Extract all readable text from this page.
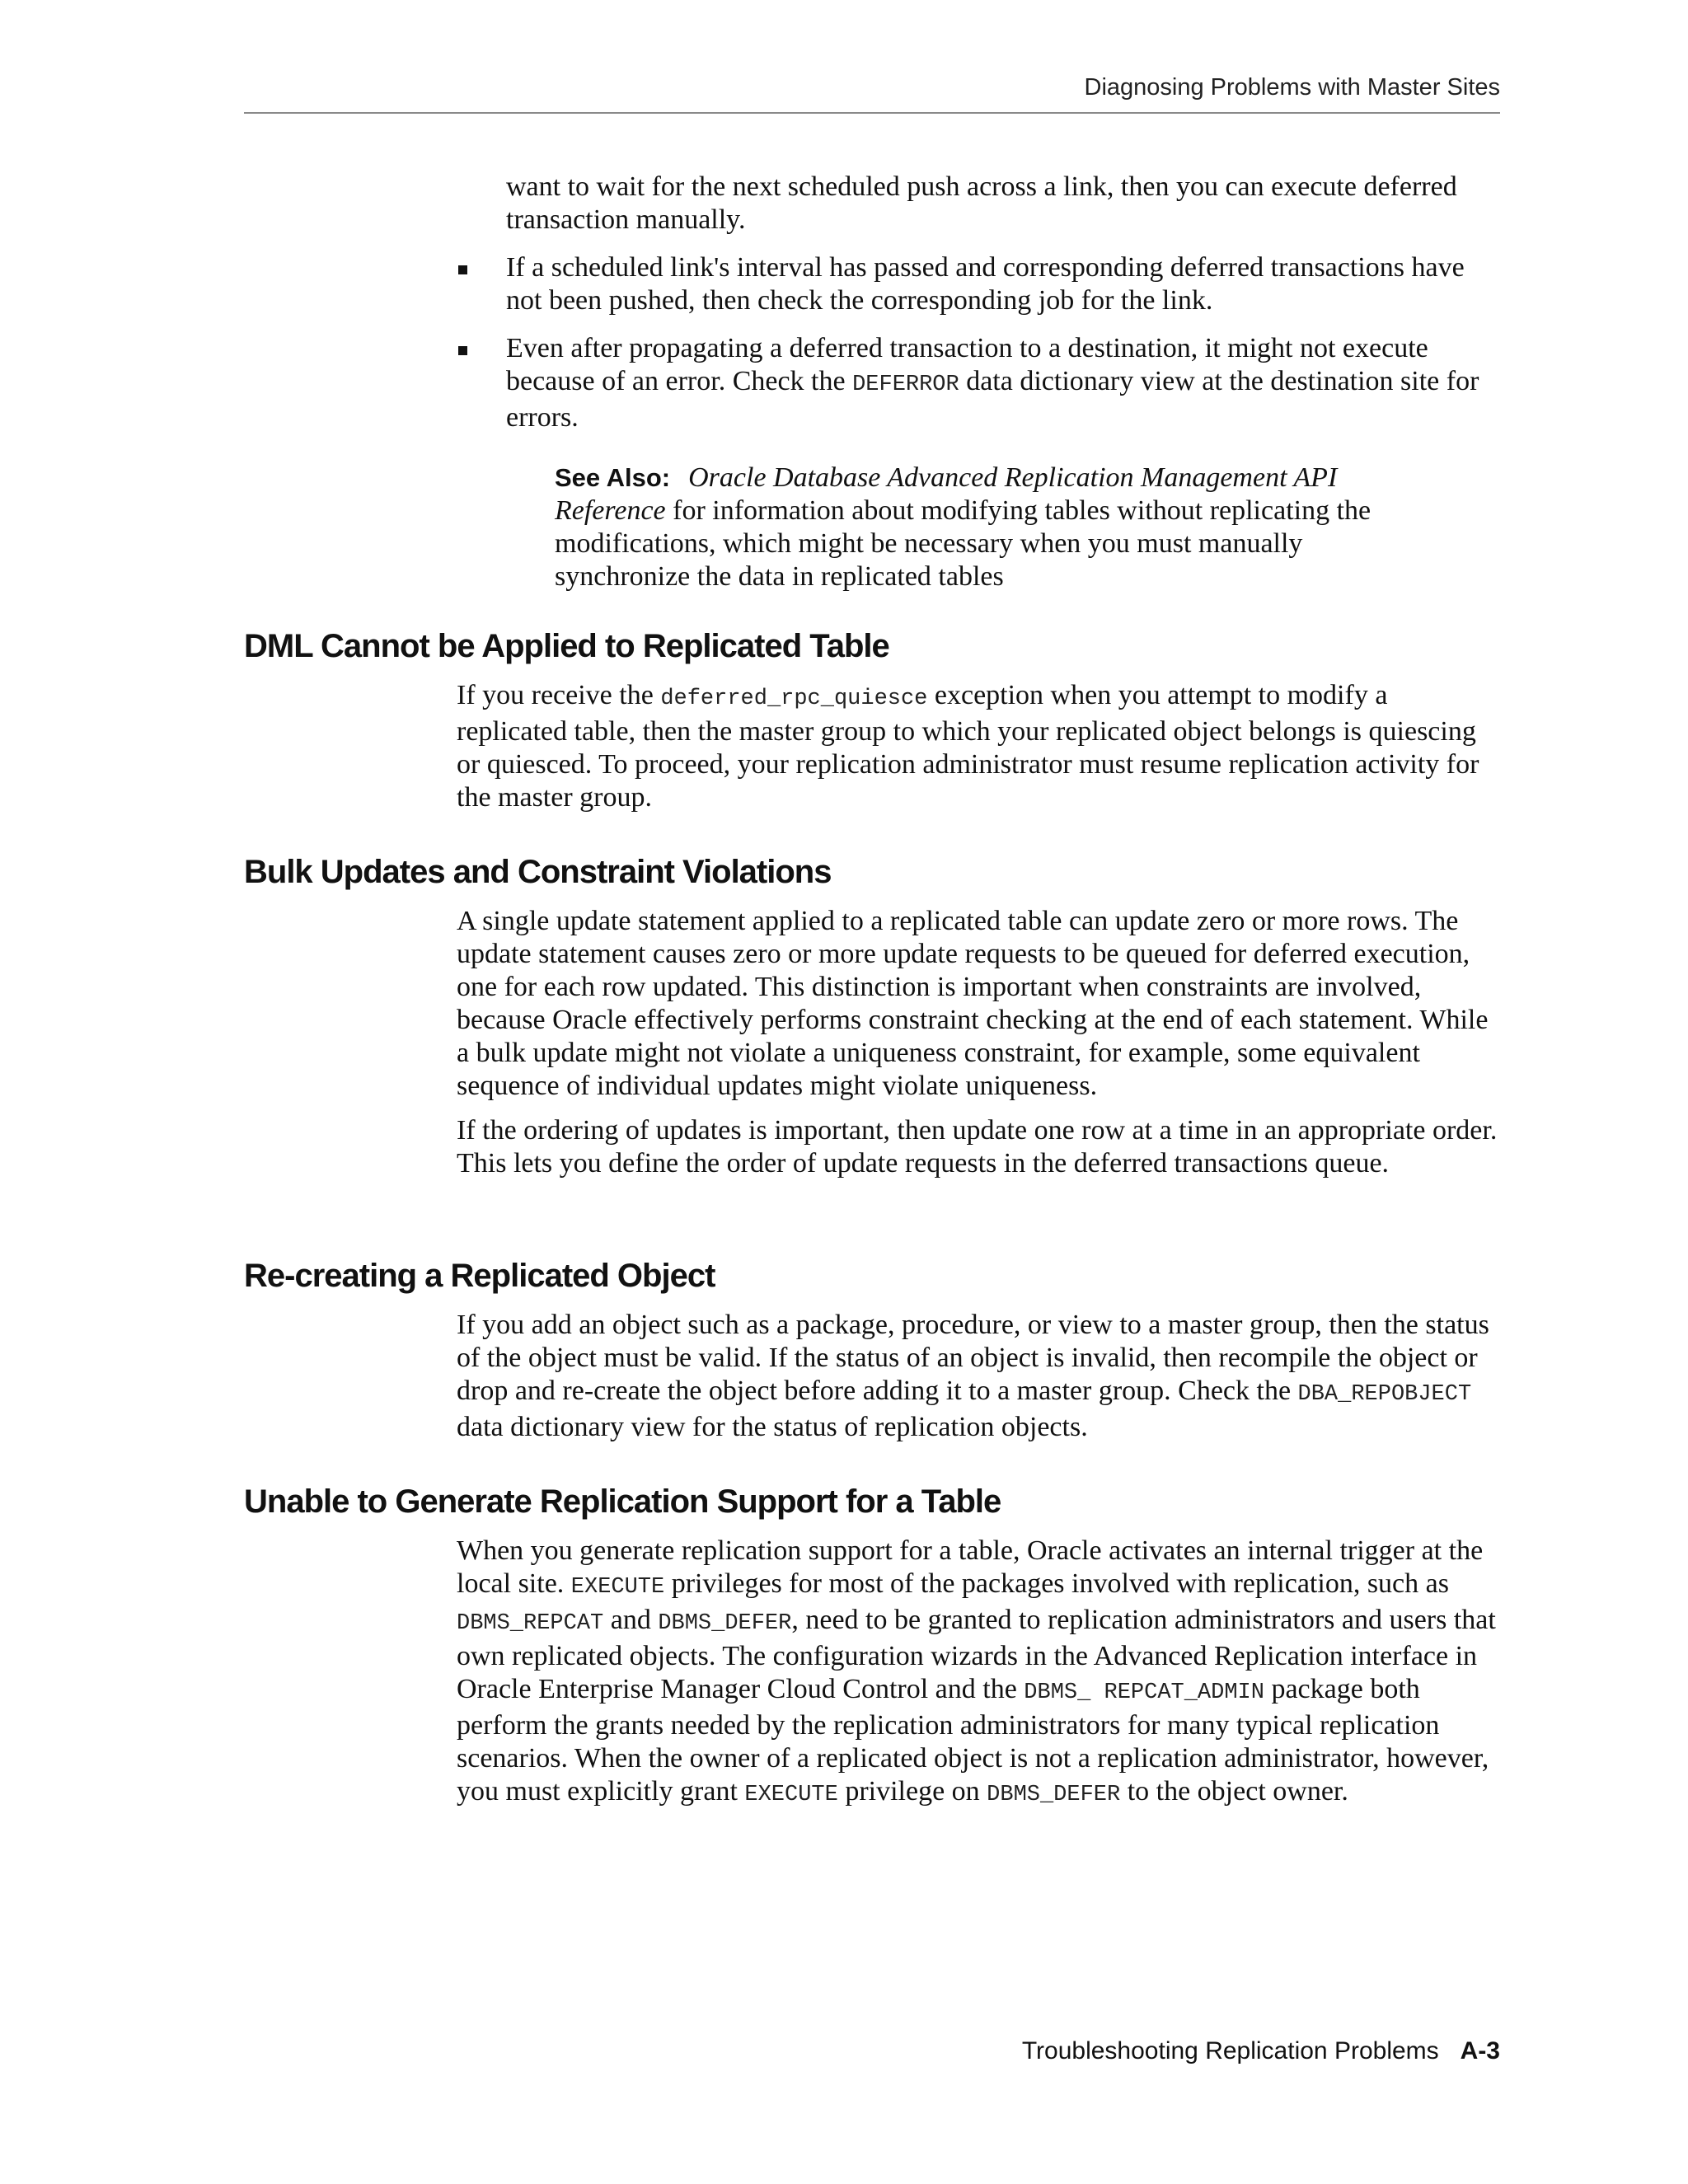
Diagnosing Problems with Master Sites

want to wait for the next scheduled push across a link, then you can execute deferred transaction manually.

If a scheduled link's interval has passed and corresponding deferred transactions have not been pushed, then check the corresponding job for the link.
Even after propagating a deferred transaction to a destination, it might not execute because of an error. Check the DEFERROR data dictionary view at the destination site for errors.

See Also: Oracle Database Advanced Replication Management API Reference for information about modifying tables without replicating the modifications, which might be necessary when you must manually synchronize the data in replicated tables

DML Cannot be Applied to Replicated Table

If you receive the deferred_rpc_quiesce exception when you attempt to modify a replicated table, then the master group to which your replicated object belongs is quiescing or quiesced. To proceed, your replication administrator must resume replication activity for the master group.

Bulk Updates and Constraint Violations

A single update statement applied to a replicated table can update zero or more rows. The update statement causes zero or more update requests to be queued for deferred execution, one for each row updated. This distinction is important when constraints are involved, because Oracle effectively performs constraint checking at the end of each statement. While a bulk update might not violate a uniqueness constraint, for example, some equivalent sequence of individual updates might violate uniqueness.

If the ordering of updates is important, then update one row at a time in an appropriate order. This lets you define the order of update requests in the deferred transactions queue.

Re-creating a Replicated Object

If you add an object such as a package, procedure, or view to a master group, then the status of the object must be valid. If the status of an object is invalid, then recompile the object or drop and re-create the object before adding it to a master group. Check the DBA_REPOBJECT data dictionary view for the status of replication objects.

Unable to Generate Replication Support for a Table

When you generate replication support for a table, Oracle activates an internal trigger at the local site. EXECUTE privileges for most of the packages involved with replication, such as DBMS_REPCAT and DBMS_DEFER, need to be granted to replication administrators and users that own replicated objects. The configuration wizards in the Advanced Replication interface in Oracle Enterprise Manager Cloud Control and the DBMS_ REPCAT_ADMIN package both perform the grants needed by the replication administrators for many typical replication scenarios. When the owner of a replicated object is not a replication administrator, however, you must explicitly grant EXECUTE privilege on DBMS_DEFER to the object owner.

Troubleshooting Replication Problems A-3
